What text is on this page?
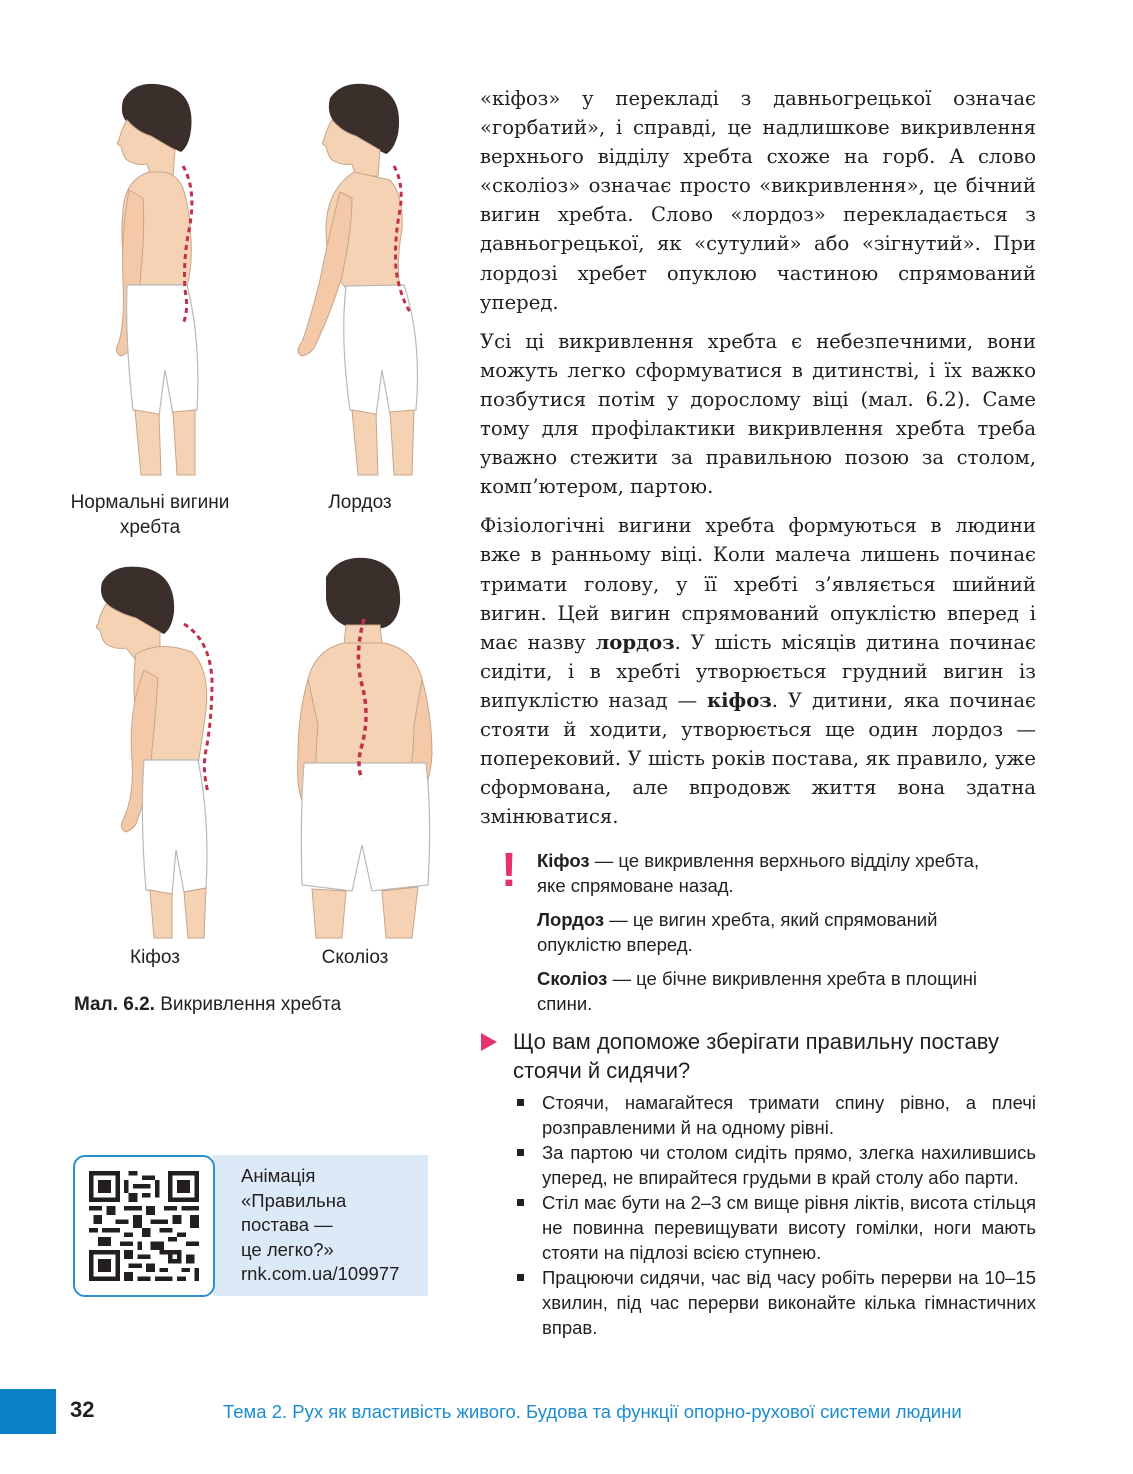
Нормальні вигини хребта
Лордоз
Кіфоз	Сколіоз
Мал. 6.2. Викривлення хребта

«кіфоз» у перекладі з давньогрецької означає «горбатий», і справді, це надлишкове викривлення верхнього відділу хребта схоже на горб. А слово «сколіоз» означає просто «викривлення», це бічний вигин хребта. Слово «лордоз» перекладається з давньогрецької, як «сутулий» або «зігнутий». При лордозі хребет опуклою частиною спрямований уперед.

Усі ці викривлення хребта є небезпечними, вони можуть легко сформуватися в дитинстві, і їх важко позбутися потім у дорослому віці (мал. 6.2). Саме тому для профілактики викривлення хребта треба уважно стежити за правильною позою за столом, комп’ютером, партою.

Фізіологічні вигини хребта формуються в людини вже в ранньому віці. Коли малеча лишень починає тримати голову, у її хребті з’являється шийний вигин. Цей вигин спрямований опуклістю вперед і має назву лордоз. У шість місяців дитина починає сидіти, і в хребті утворюється грудний вигин із випуклістю назад — кіфоз. У дитини, яка починає стояти й ходити, утворюється ще один лордоз — поперековий. У шість років постава, як правило, уже сформована, але впродовж життя вона здатна змінюватися.

! Кіфоз — це викривлення верхнього відділу хребта, яке спрямоване назад.

Лордоз — це вигин хребта, який спрямований опуклістю вперед.

Сколіоз — це бічне викривлення хребта в площині спини.

Що вам допоможе зберігати правильну поставу стоячи й сидячи?
Стоячи, намагайтеся тримати спину рівно, а плечі розправленими й на одному рівні.
За партою чи столом сидіть прямо, злегка нахилившись уперед, не впирайтеся грудьми в край столу або парти.
Стіл має бути на 2–3 см вище рівня ліктів, висота стільця не повинна перевищувати висоту гомілки, ноги мають стояти на підлозі всією ступнею.
Працюючи сидячи, час від часу робіть перерви на 10–15 хвилин, під час перерви виконайте кілька гімнастичних вправ.
Анімація
«Правильна
постава —
це легко?»
rnk.com.ua/109977
32	Тема 2. Рух як властивість живого. Будова та функції опорно-рухової системи людини
